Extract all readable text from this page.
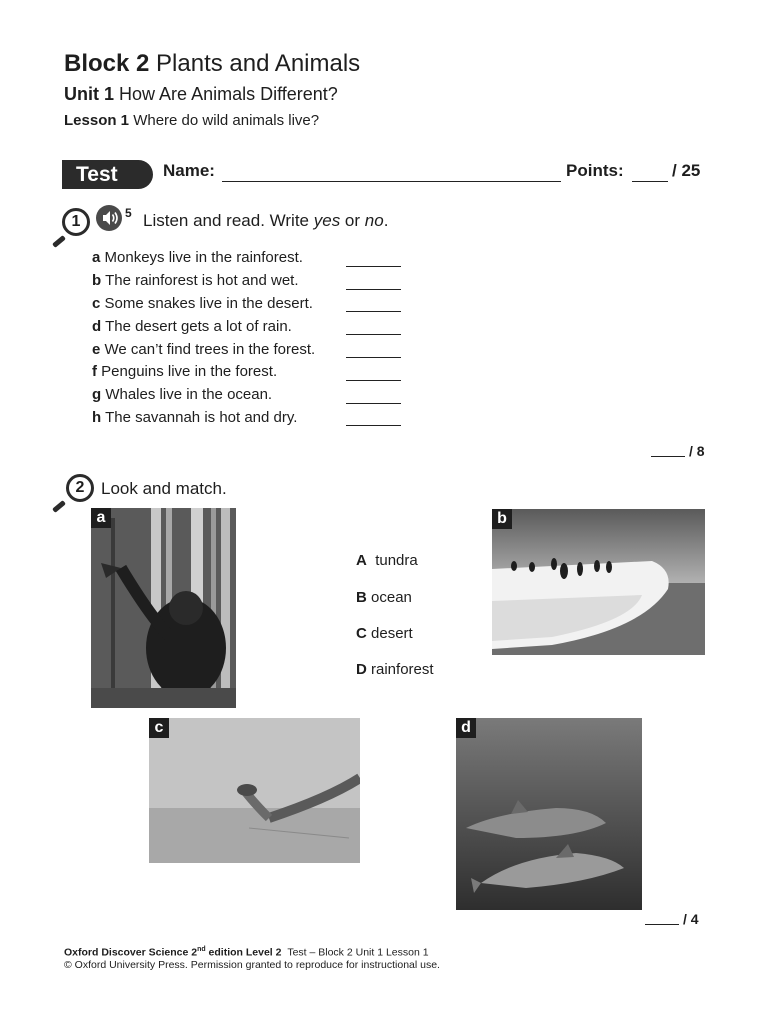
Block 2 Plants and Animals
Unit 1 How Are Animals Different?
Lesson 1 Where do wild animals live?
Test	Name:	Points:	/ 25
1	5 Listen and read. Write yes or no.
a Monkeys live in the rainforest.
b The rainforest is hot and wet.
c Some snakes live in the desert.
d The desert gets a lot of rain.
e We can’t find trees in the forest.
f Penguins live in the forest.
g Whales live in the ocean.
h The savannah is hot and dry.
/ 8
2 Look and match.
a	b
A tundra
B ocean
C desert
D rainforest
c	d
/ 4
Oxford Discover Science 2nd edition Level 2 Test – Block 2 Unit 1 Lesson 1
© Oxford University Press. Permission granted to reproduce for instructional use.
